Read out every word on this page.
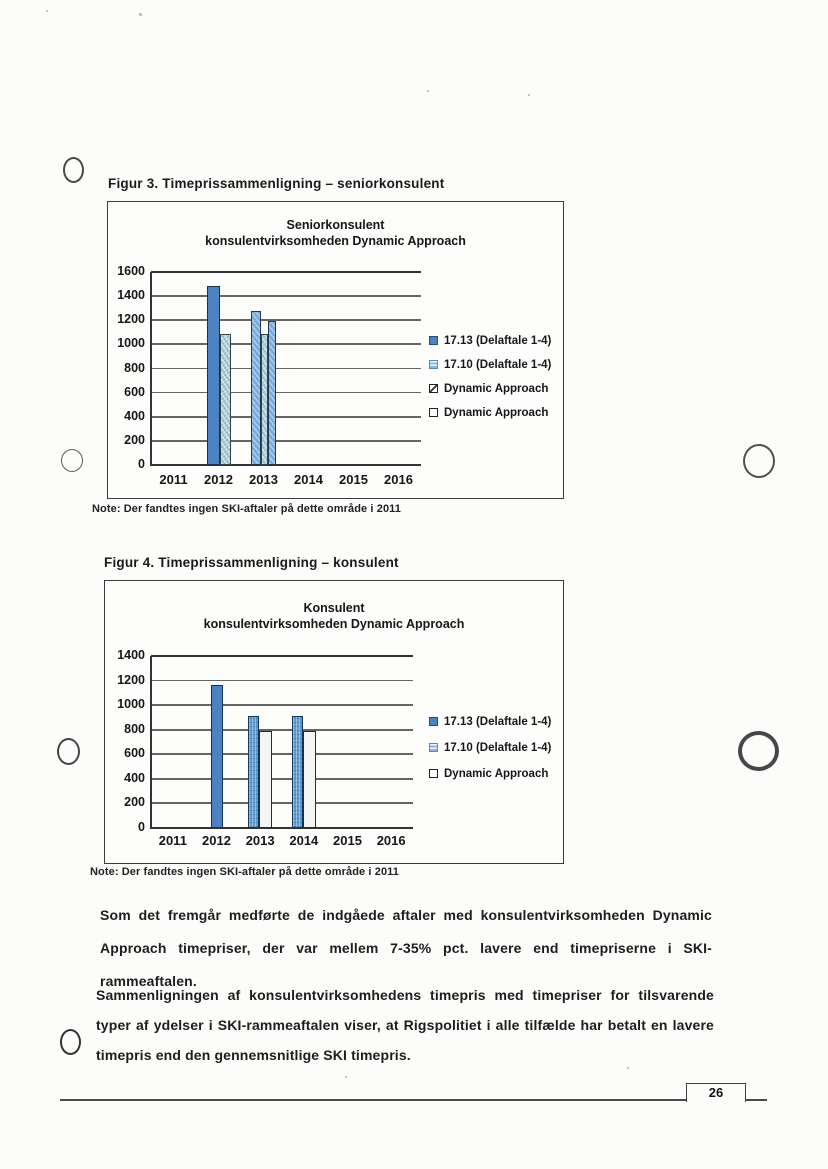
Figur 3. Timeprissammenligning – seniorkonsulent
Seniorkonsulent
konsulentvirksomheden Dynamic Approach
0
200
400
600
800
1000
1200
1400
1600
2011	2012	2013	2014	2015	2016
17.13 (Delaftale 1-4)
17.10 (Delaftale 1-4)
Dynamic Approach
Dynamic Approach
Note: Der fandtes ingen SKI-aftaler på dette område i 2011
Figur 4. Timeprissammenligning – konsulent
Konsulent
konsulentvirksomheden Dynamic Approach
0
200
400
600
800
1000
1200
1400
2011	2012	2013	2014	2015	2016
17.13 (Delaftale 1-4)
17.10 (Delaftale 1-4)
Dynamic Approach
Note: Der fandtes ingen SKI-aftaler på dette område i 2011
Som det fremgår medførte de indgåede aftaler med konsulentvirksomheden Dynamic Approach timepriser, der var mellem 7-35% pct. lavere end timepriserne i SKI-rammeaftalen.
Sammenligningen af konsulentvirksomhedens timepris med timepriser for tilsvarende typer af ydelser i SKI-rammeaftalen viser, at Rigspolitiet i alle tilfælde har betalt en lavere timepris end den gennemsnitlige SKI timepris.
26
